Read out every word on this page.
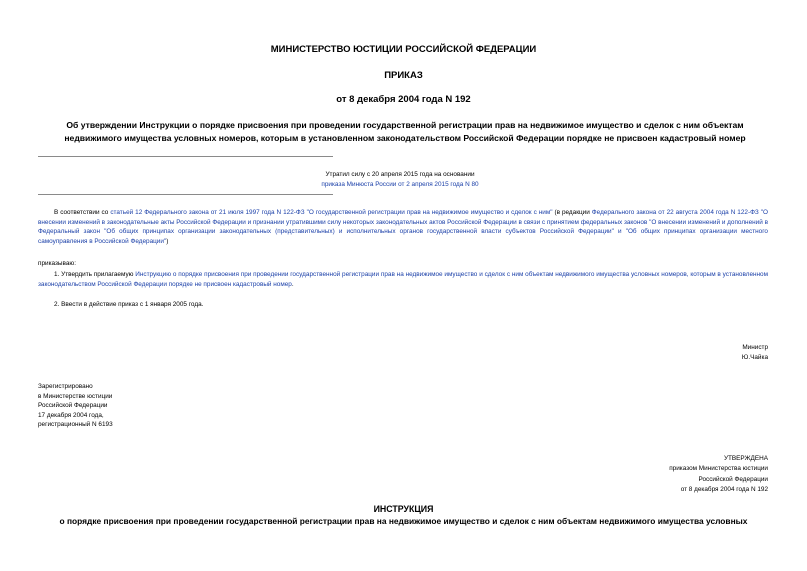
МИНИСТЕРСТВО ЮСТИЦИИ РОССИЙСКОЙ ФЕДЕРАЦИИ
ПРИКАЗ
от 8 декабря 2004 года N 192
Об утверждении Инструкции о порядке присвоения при проведении государственной регистрации прав на недвижимое имущество и сделок с ним объектам
недвижимого имущества условных номеров, которым в установленном законодательством Российской Федерации порядке не присвоен кадастровый номер
Утратил силу с 20 апреля 2015 года на основании
приказа Минюста России от 2 апреля 2015 года N 80
В соответствии со статьей 12 Федерального закона от 21 июля 1997 года N 122-ФЗ "О государственной регистрации прав на недвижимое имущество и сделок с ним" (в редакции Федерального закона от 22 августа 2004 года N 122-ФЗ "О внесении изменений в законодательные акты Российской Федерации и признании утратившими силу некоторых законодательных актов Российской Федерации в связи с принятием федеральных законов "О внесении изменений и дополнений в Федеральный закон "Об общих принципах организации законодательных (представительных) и исполнительных органов государственной власти субъектов Российской Федерации" и "Об общих принципах организации местного самоуправления в Российской Федерации")
приказываю:
1. Утвердить прилагаемую Инструкцию о порядке присвоения при проведении государственной регистрации прав на недвижимое имущество и сделок с ним объектам недвижимого имущества условных номеров, которым в установленном законодательством Российской Федерации порядке не присвоен кадастровый номер.
2. Ввести в действие приказ с 1 января 2005 года.
Министр
Ю.Чайка
Зарегистрировано
в Министерстве юстиции
Российской Федерации
17 декабря 2004 года,
регистрационный N 6193
УТВЕРЖДЕНА
приказом Министерства юстиции
Российской Федерации
от 8 декабря 2004 года N 192
ИНСТРУКЦИЯ
о порядке присвоения при проведении государственной регистрации прав на недвижимое имущество и сделок с ним объектам недвижимого имущества условных
